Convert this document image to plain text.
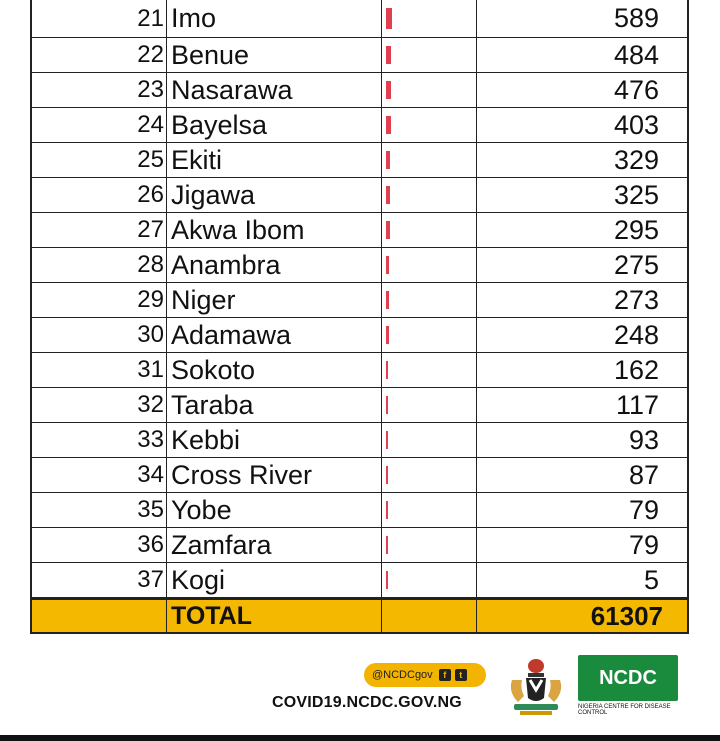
21 Imo	589
22 Benue	484
23 Nasarawa	476
24 Bayelsa	403
25 Ekiti	329
26 Jigawa	325
27 Akwa Ibom	295
28 Anambra	275
29 Niger	273
30 Adamawa	248
31 Sokoto	162
32 Taraba	117
33 Kebbi	93
34 Cross River	87
35 Yobe	79
36 Zamfara	79
37 Kogi	5
TOTAL	61307
@NCDCgov	f	t
COVID19.NCDC.GOV.NG
NCDC
NIGERIA CENTRE FOR DISEASE CONTROL
